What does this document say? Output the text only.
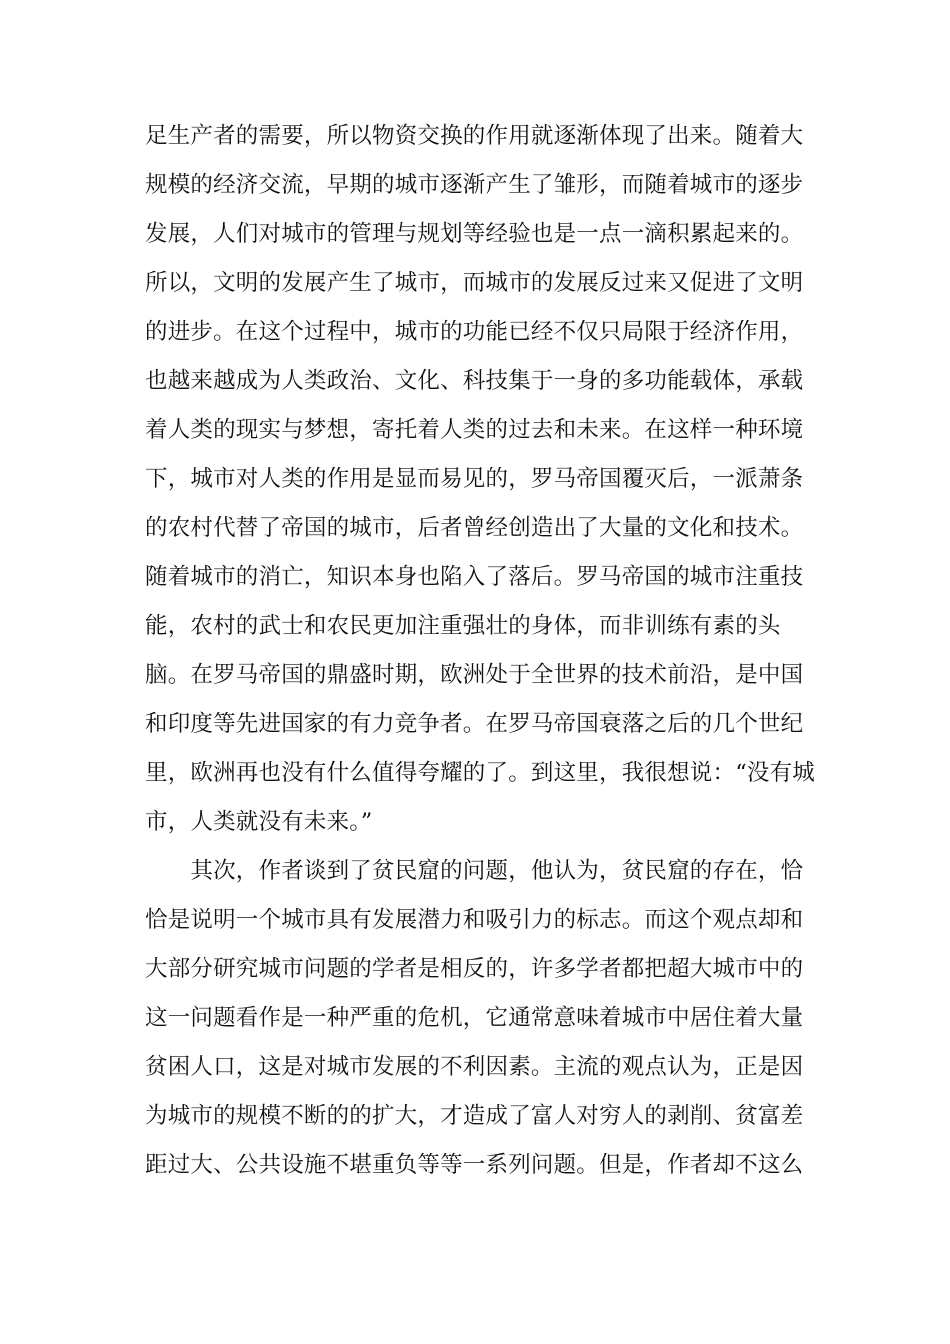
足生产者的需要，所以物资交换的作用就逐渐体现了出来。随着大
规模的经济交流，早期的城市逐渐产生了雏形，而随着城市的逐步
发展，人们对城市的管理与规划等经验也是一点一滴积累起来的。
所以，文明的发展产生了城市，而城市的发展反过来又促进了文明
的进步。在这个过程中，城市的功能已经不仅只局限于经济作用，
也越来越成为人类政治、文化、科技集于一身的多功能载体，承载
着人类的现实与梦想，寄托着人类的过去和未来。在这样一种环境
下，城市对人类的作用是显而易见的，罗马帝国覆灭后，一派萧条
的农村代替了帝国的城市，后者曾经创造出了大量的文化和技术。
随着城市的消亡，知识本身也陷入了落后。罗马帝国的城市注重技
能，农村的武士和农民更加注重强壮的身体，而非训练有素的头
脑。在罗马帝国的鼎盛时期，欧洲处于全世界的技术前沿，是中国
和印度等先进国家的有力竞争者。在罗马帝国衰落之后的几个世纪
里，欧洲再也没有什么值得夸耀的了。到这里，我很想说：“没有城
市，人类就没有未来。”
　　其次，作者谈到了贫民窟的问题，他认为，贫民窟的存在，恰
恰是说明一个城市具有发展潜力和吸引力的标志。而这个观点却和
大部分研究城市问题的学者是相反的，许多学者都把超大城市中的
这一问题看作是一种严重的危机，它通常意味着城市中居住着大量
贫困人口，这是对城市发展的不利因素。主流的观点认为，正是因
为城市的规模不断的的扩大，才造成了富人对穷人的剥削、贫富差
距过大、公共设施不堪重负等等一系列问题。但是，作者却不这么
